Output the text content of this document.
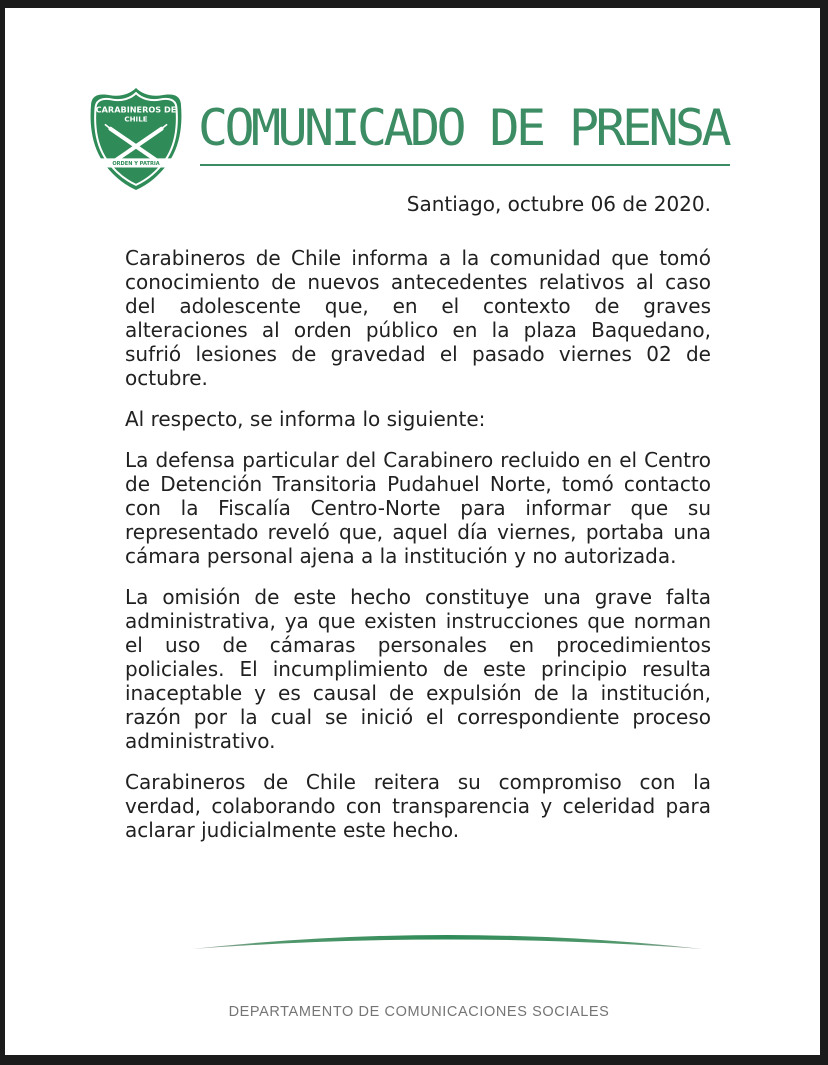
CARABINEROS DE
CHILE
ORDEN Y PATRIA
COMUNICADO DE PRENSA
Santiago, octubre 06 de 2020.

Carabineros de Chile informa a la comunidad que tomó conocimiento de nuevos antecedentes relativos al caso del adolescente que, en el contexto de graves alteraciones al orden público en la plaza Baquedano, sufrió lesiones de gravedad el pasado viernes 02 de octubre.

Al respecto, se informa lo siguiente:

La defensa particular del Carabinero recluido en el Centro de Detención Transitoria Pudahuel Norte, tomó contacto con la Fiscalía Centro-Norte para informar que su representado reveló que, aquel día viernes, portaba una cámara personal ajena a la institución y no autorizada.

La omisión de este hecho constituye una grave falta administrativa, ya que existen instrucciones que norman el uso de cámaras personales en procedimientos policiales. El incumplimiento de este principio resulta inaceptable y es causal de expulsión de la institución, razón por la cual se inició el correspondiente proceso administrativo.

Carabineros de Chile reitera su compromiso con la verdad, colaborando con transparencia y celeridad para aclarar judicialmente este hecho.

DEPARTAMENTO DE COMUNICACIONES SOCIALES
